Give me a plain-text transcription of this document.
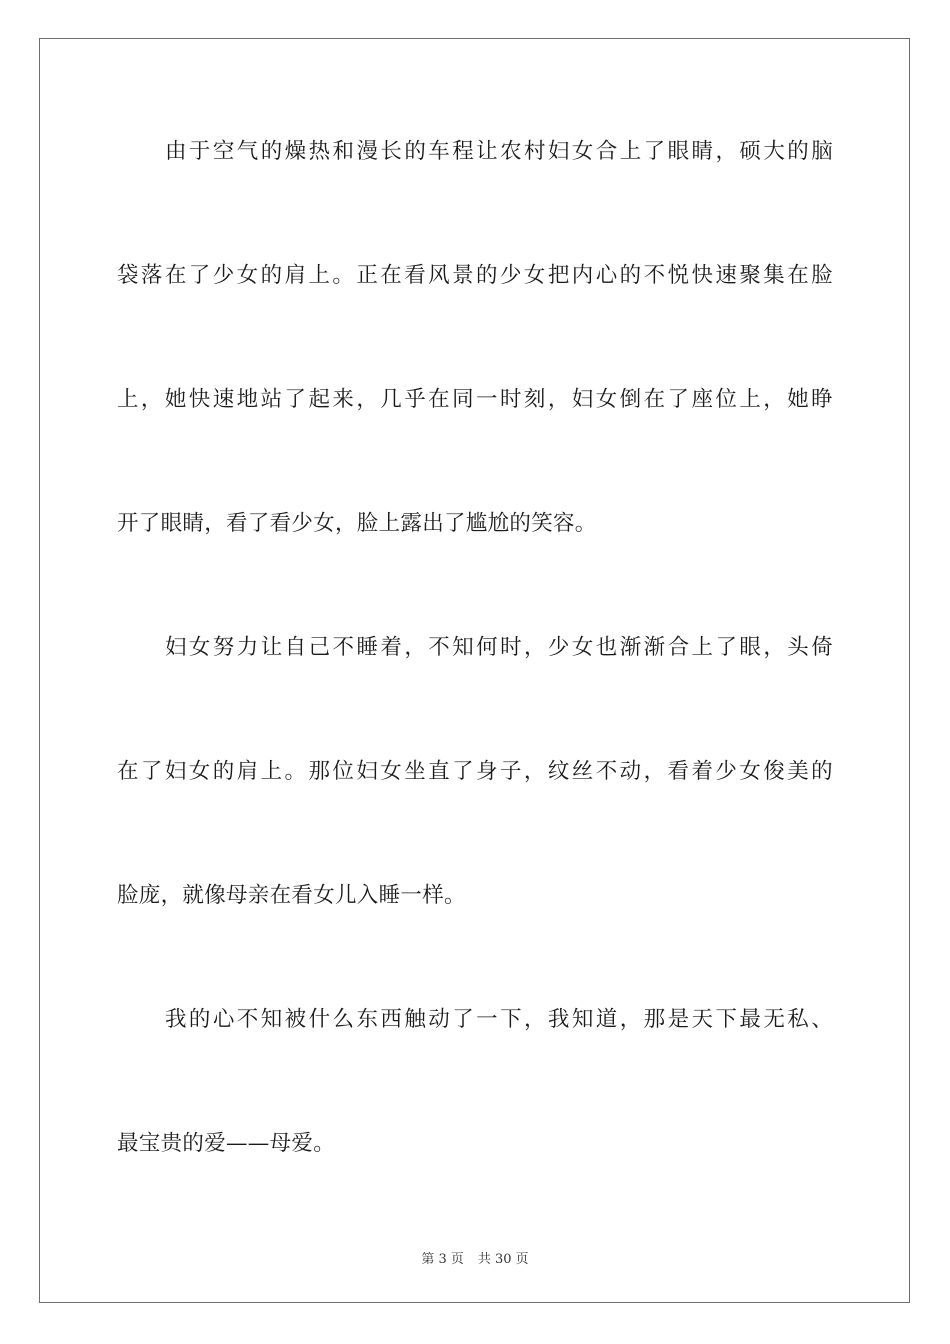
由于空气的燥热和漫长的车程让农村妇女合上了眼睛，硕大的脑
袋落在了少女的肩上。正在看风景的少女把内心的不悦快速聚集在脸
上，她快速地站了起来，几乎在同一时刻，妇女倒在了座位上，她睁
开了眼睛，看了看少女，脸上露出了尴尬的笑容。
妇女努力让自己不睡着，不知何时，少女也渐渐合上了眼，头倚
在了妇女的肩上。那位妇女坐直了身子，纹丝不动，看着少女俊美的
脸庞，就像母亲在看女儿入睡一样。
我的心不知被什么东西触动了一下，我知道，那是天下最无私、
最宝贵的爱——母爱。
第 3 页 共 30 页
